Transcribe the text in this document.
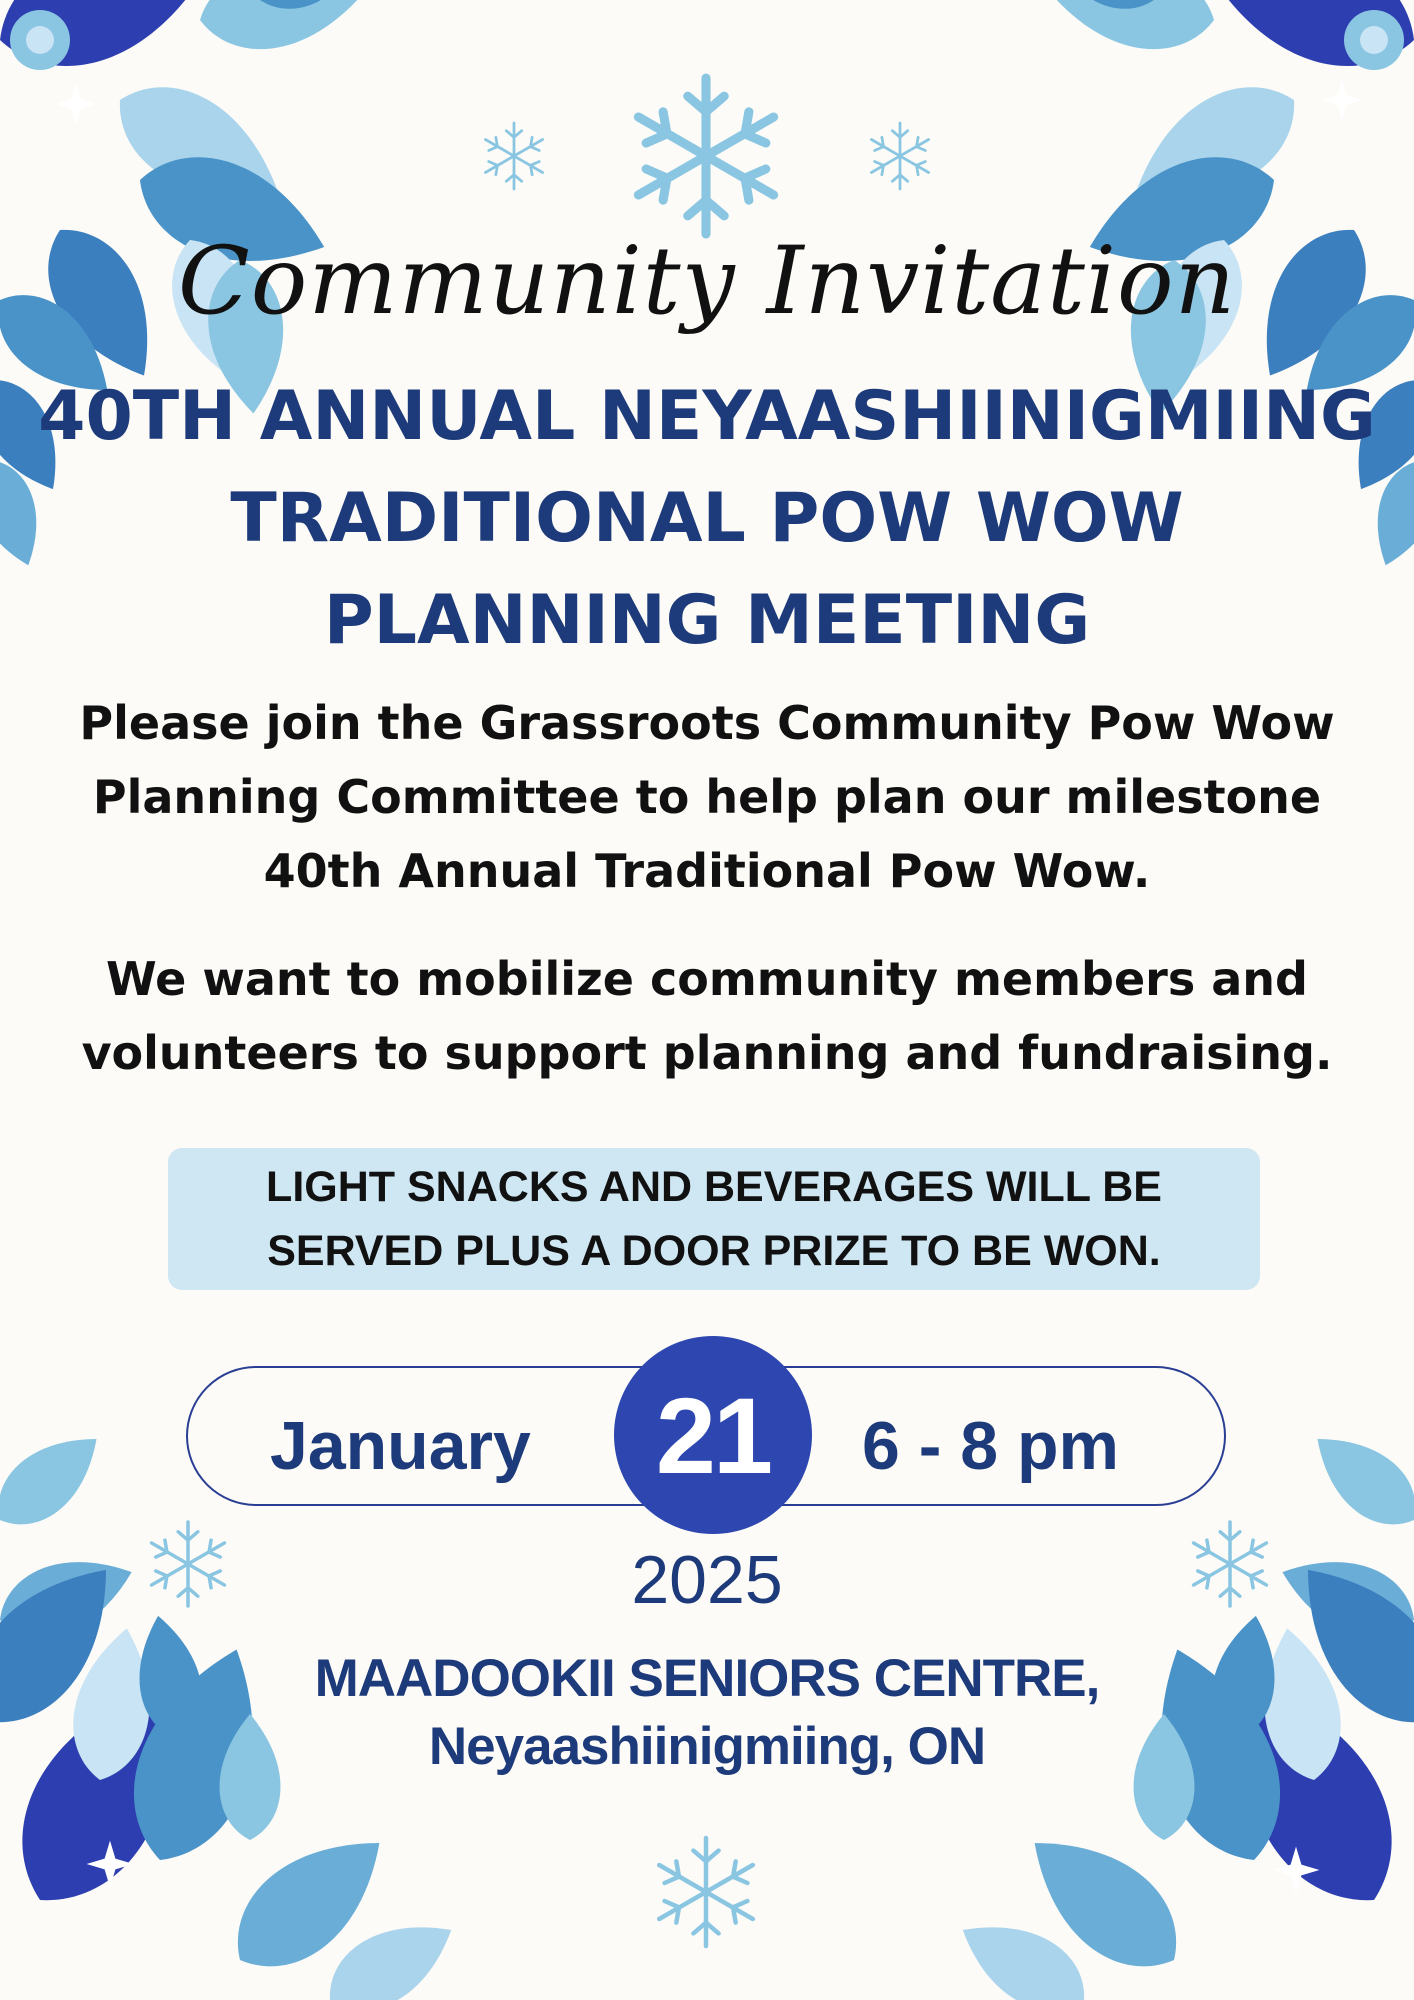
Community Invitation
40TH ANNUAL NEYAASHIINIGMIING
TRADITIONAL POW WOW
PLANNING MEETING
Please join the Grassroots Community Pow Wow
Planning Committee to help plan our milestone
40th Annual Traditional Pow Wow.
We want to mobilize community members and
volunteers to support planning and fundraising.
LIGHT SNACKS AND BEVERAGES WILL BE
SERVED PLUS A DOOR PRIZE TO BE WON.
January 21 6 - 8 pm
2025
MAADOOKII SENIORS CENTRE,
Neyaashiinigmiing, ON
